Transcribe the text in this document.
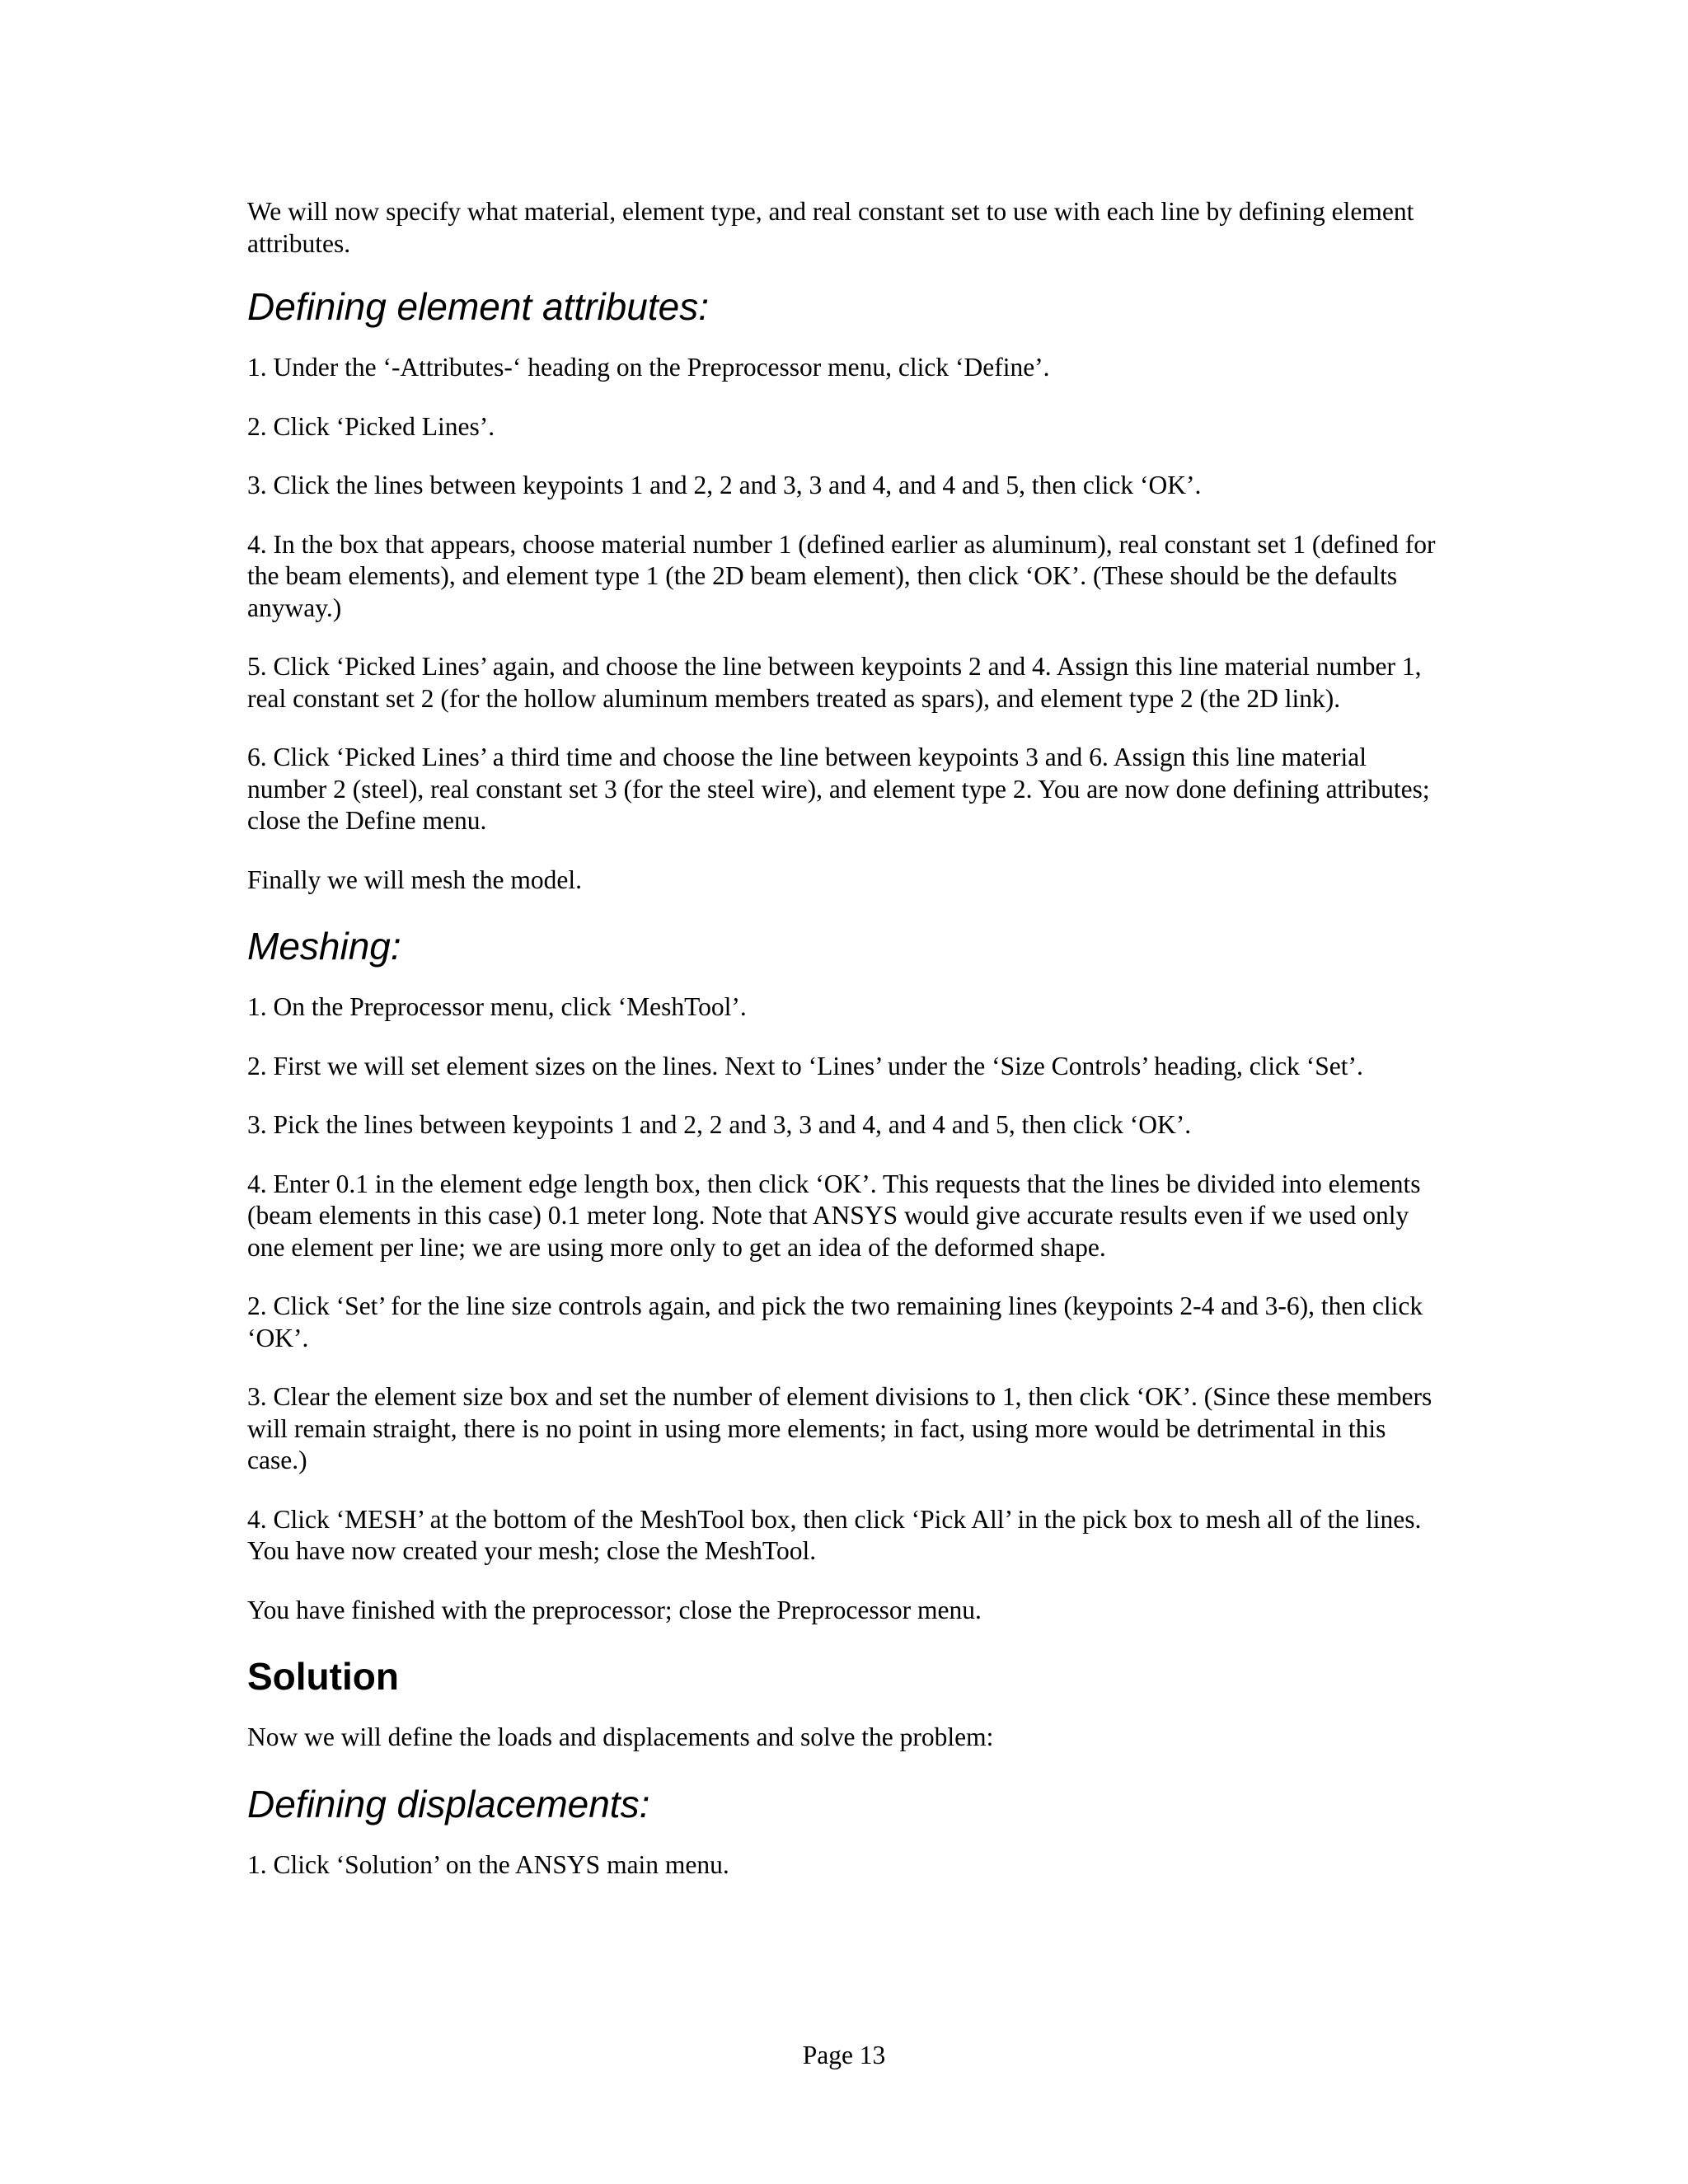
We will now specify what material, element type, and real constant set to use with each line by defining element attributes.

Defining element attributes:

1. Under the ‘-Attributes-‘ heading on the Preprocessor menu, click ‘Define’.

2. Click ‘Picked Lines’.

3. Click the lines between keypoints 1 and 2, 2 and 3, 3 and 4, and 4 and 5, then click ‘OK’.

4. In the box that appears, choose material number 1 (defined earlier as aluminum), real constant set 1 (defined for the beam elements), and element type 1 (the 2D beam element), then click ‘OK’. (These should be the defaults anyway.)

5. Click ‘Picked Lines’ again, and choose the line between keypoints 2 and 4. Assign this line material number 1, real constant set 2 (for the hollow aluminum members treated as spars), and element type 2 (the 2D link).

6. Click ‘Picked Lines’ a third time and choose the line between keypoints 3 and 6. Assign this line material number 2 (steel), real constant set 3 (for the steel wire), and element type 2. You are now done defining attributes; close the Define menu.

Finally we will mesh the model.

Meshing:

1. On the Preprocessor menu, click ‘MeshTool’.

2. First we will set element sizes on the lines. Next to ‘Lines’ under the ‘Size Controls’ heading, click ‘Set’.

3. Pick the lines between keypoints 1 and 2, 2 and 3, 3 and 4, and 4 and 5, then click ‘OK’.

4. Enter 0.1 in the element edge length box, then click ‘OK’. This requests that the lines be divided into elements (beam elements in this case) 0.1 meter long. Note that ANSYS would give accurate results even if we used only one element per line; we are using more only to get an idea of the deformed shape.

2. Click ‘Set’ for the line size controls again, and pick the two remaining lines (keypoints 2-4 and 3-6), then click ‘OK’.

3. Clear the element size box and set the number of element divisions to 1, then click ‘OK’. (Since these members will remain straight, there is no point in using more elements; in fact, using more would be detrimental in this case.)

4. Click ‘MESH’ at the bottom of the MeshTool box, then click ‘Pick All’ in the pick box to mesh all of the lines. You have now created your mesh; close the MeshTool.

You have finished with the preprocessor; close the Preprocessor menu.

Solution

Now we will define the loads and displacements and solve the problem:

Defining displacements:

1. Click ‘Solution’ on the ANSYS main menu.

Page 13
